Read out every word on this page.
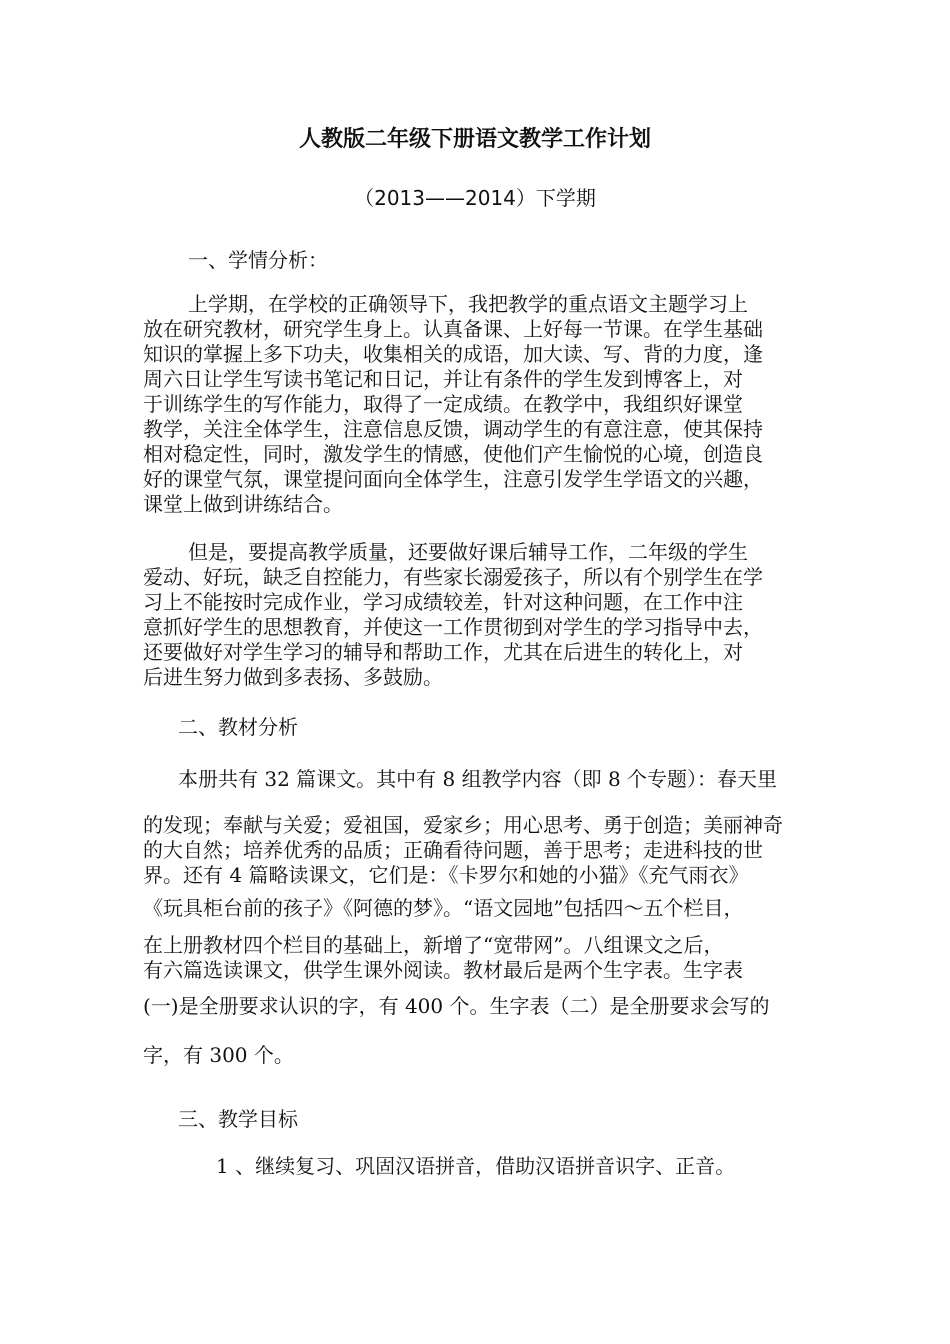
人教版二年级下册语文教学工作计划
（2013——2014）下学期
一、学情分析：
上学期，在学校的正确领导下，我把教学的重点语文主题学习上
放在研究教材，研究学生身上。认真备课、上好每一节课。在学生基础
知识的掌握上多下功夫，收集相关的成语，加大读、写、背的力度，逢
周六日让学生写读书笔记和日记，并让有条件的学生发到博客上，对
于训练学生的写作能力，取得了一定成绩。在教学中，我组织好课堂
教学，关注全体学生，注意信息反馈，调动学生的有意注意，使其保持
相对稳定性，同时，激发学生的情感，使他们产生愉悦的心境，创造良
好的课堂气氛，课堂提问面向全体学生，注意引发学生学语文的兴趣，
课堂上做到讲练结合。
但是，要提高教学质量，还要做好课后辅导工作，二年级的学生
爱动、好玩，缺乏自控能力，有些家长溺爱孩子，所以有个别学生在学
习上不能按时完成作业，学习成绩较差，针对这种问题，在工作中注
意抓好学生的思想教育，并使这一工作贯彻到对学生的学习指导中去，
还要做好对学生学习的辅导和帮助工作，尤其在后进生的转化上，对
后进生努力做到多表扬、多鼓励。
二、教材分析
本册共有 32 篇课文。其中有 8 组教学内容（即 8 个专题）：春天里
的发现；奉献与关爱；爱祖国，爱家乡；用心思考、勇于创造；美丽神奇
的大自然；培养优秀的品质；正确看待问题，善于思考；走进科技的世
界。还有 4 篇略读课文，它们是：《卡罗尔和她的小猫》《充气雨衣》
《玩具柜台前的孩子》《阿德的梦》。“语文园地”包括四～五个栏目，
在上册教材四个栏目的基础上，新增了“宽带网”。八组课文之后，
有六篇选读课文，供学生课外阅读。教材最后是两个生字表。生字表
(一)是全册要求认识的字，有 400 个。生字表（二）是全册要求会写的
字，有 300 个。
三、教学目标
1 、继续复习、巩固汉语拼音，借助汉语拼音识字、正音。
